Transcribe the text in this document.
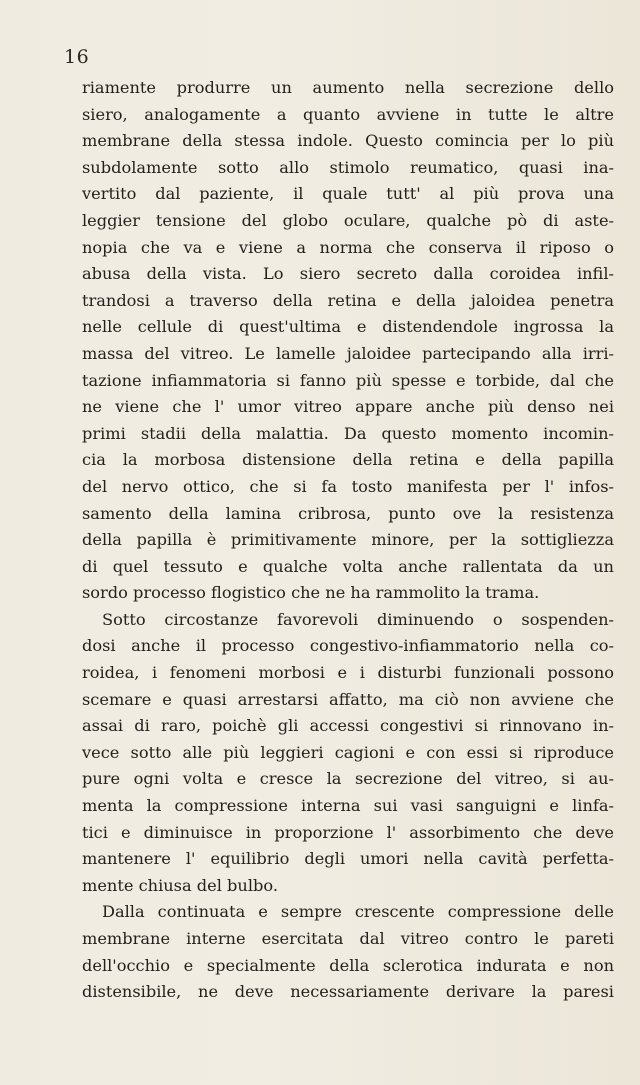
16
riamente produrre un aumento nella secrezione dello
siero, analogamente a quanto avviene in tutte le altre
membrane della stessa indole. Questo comincia per lo più
subdolamente sotto allo stimolo reumatico, quasi ina-
vertito dal paziente, il quale tutt' al più prova una
leggier tensione del globo oculare, qualche pò di aste-
nopia che va e viene a norma che conserva il riposo o
abusa della vista. Lo siero secreto dalla coroidea infil-
trandosi a traverso della retina e della jaloidea penetra
nelle cellule di quest'ultima e distendendole ingrossa la
massa del vitreo. Le lamelle jaloidee partecipando alla irri-
tazione infiammatoria si fanno più spesse e torbide, dal che
ne viene che l' umor vitreo appare anche più denso nei
primi stadii della malattia. Da questo momento incomin-
cia la morbosa distensione della retina e della papilla
del nervo ottico, che si fa tosto manifesta per l' infos-
samento della lamina cribrosa, punto ove la resistenza
della papilla è primitivamente minore, per la sottigliezza
di quel tessuto e qualche volta anche rallentata da un
sordo processo flogistico che ne ha rammolito la trama.
Sotto circostanze favorevoli diminuendo o sospenden-
dosi anche il processo congestivo-infiammatorio nella co-
roidea, i fenomeni morbosi e i disturbi funzionali possono
scemare e quasi arrestarsi affatto, ma ciò non avviene che
assai di raro, poichè gli accessi congestivi si rinnovano in-
vece sotto alle più leggieri cagioni e con essi si riproduce
pure ogni volta e cresce la secrezione del vitreo, si au-
menta la compressione interna sui vasi sanguigni e linfa-
tici e diminuisce in proporzione l' assorbimento che deve
mantenere l' equilibrio degli umori nella cavità perfetta-
mente chiusa del bulbo.
Dalla continuata e sempre crescente compressione delle
membrane interne esercitata dal vitreo contro le pareti
dell'occhio e specialmente della sclerotica indurata e non
distensibile, ne deve necessariamente derivare la paresi
